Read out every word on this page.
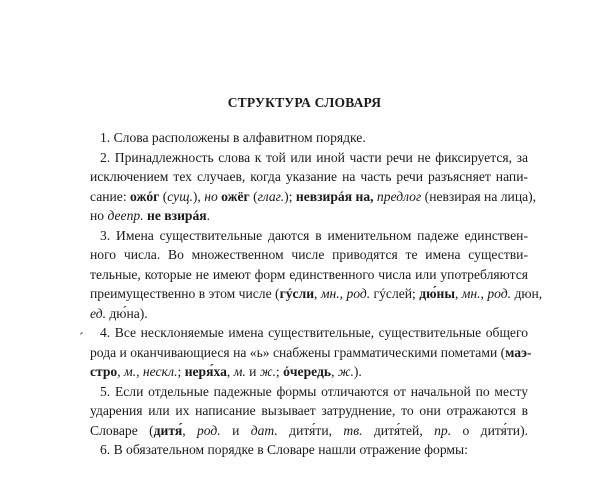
СТРУКТУРА СЛОВАРЯ
´
1. Слова расположены в алфавитном порядке.
2. Принадлежность слова к той или иной части речи не фиксируется, за
исключением тех случаев, когда указание на часть речи разъясняет напи-
сание: ожóг (сущ.), но ожёг (глаг.); невзирáя на, предлог (невзирая на лица),
но деепр. не взирáя.
3. Имена существительные даются в именительном падеже единствен-
ного числа. Во множественном числе приводятся те имена существи-
тельные, которые не имеют форм единственного числа или употребляются
преимущественно в этом числе (гýсли, мн., род. гýслей; дю́ны, мн., род. дюн,
ед. дю́на).
4. Все несклоняемые имена существительные, существительные общего
рода и оканчивающиеся на «ь» снабжены грамматическими пометами (маэ-
стро, м., нескл.; неря́ха, м. и ж.; óчередь, ж.).
5. Если отдельные падежные формы отличаются от начальной по месту
ударения или их написание вызывает затруднение, то они отражаются в
Словаре (дитя́, род. и дат. дитя́ти, тв. дитя́тей, пр. о дитя́ти).
6. В обязательном порядке в Словаре нашли отражение формы:
